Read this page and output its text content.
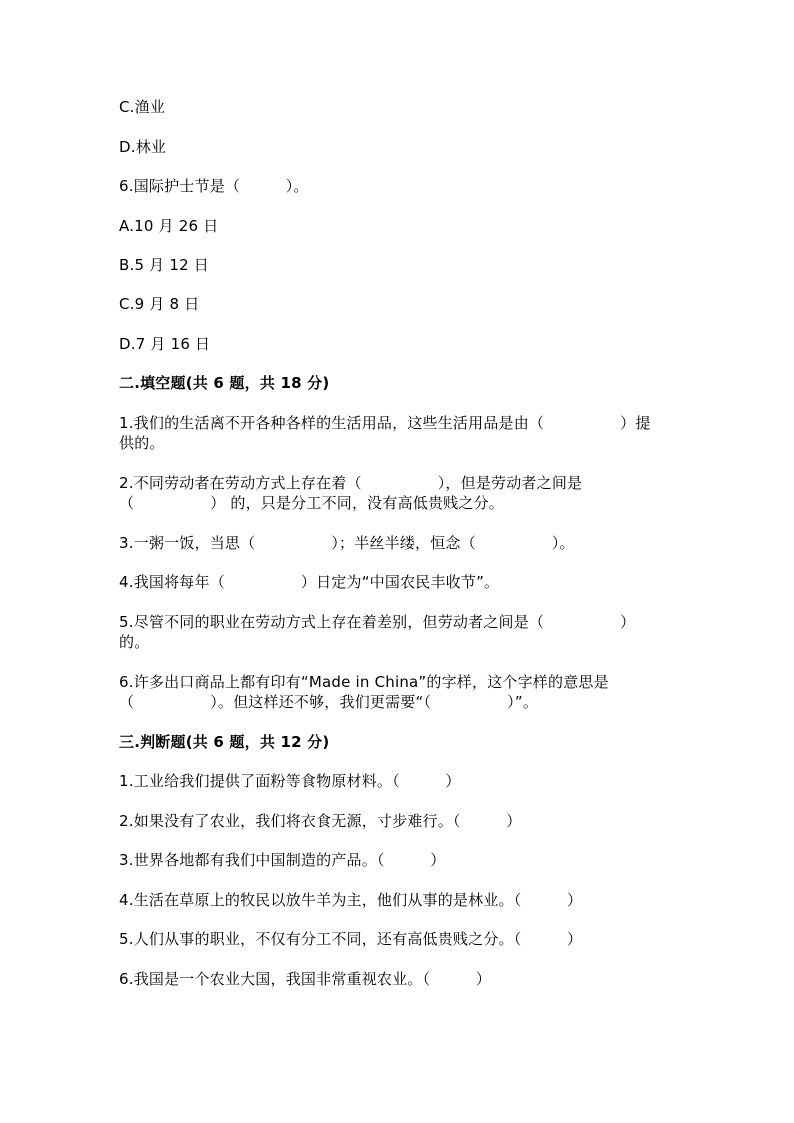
C.渔业

D.林业

6.国际护士节是（　　　）。

A.10 月 26 日

B.5 月 12 日

C.9 月 8 日

D.7 月 16 日

二.填空题(共 6 题，共 18 分)

1.我们的生活离不开各种各样的生活用品，这些生活用品是由（　　　　　）提

供的。

2.不同劳动者在劳动方式上存在着（　　　　　），但是劳动者之间是

（　　　　　） 的，只是分工不同，没有高低贵贱之分。

3.一粥一饭，当思（　　　　　）；半丝半缕，恒念（　　　　　）。

4.我国将每年（　　　　　）日定为“中国农民丰收节”。

5.尽管不同的职业在劳动方式上存在着差别，但劳动者之间是（　　　　　）

的。

6.许多出口商品上都有印有“Made in China”的字样，这个字样的意思是

（　　　　　）。但这样还不够，我们更需要“（　　　　　）”。

三.判断题(共 6 题，共 12 分)

1.工业给我们提供了面粉等食物原材料。（　　　）

2.如果没有了农业，我们将衣食无源，寸步难行。（　　　）

3.世界各地都有我们中国制造的产品。（　　　）

4.生活在草原上的牧民以放牛羊为主，他们从事的是林业。（　　　）

5.人们从事的职业，不仅有分工不同，还有高低贵贱之分。（　　　）

6.我国是一个农业大国，我国非常重视农业。（　　　）
